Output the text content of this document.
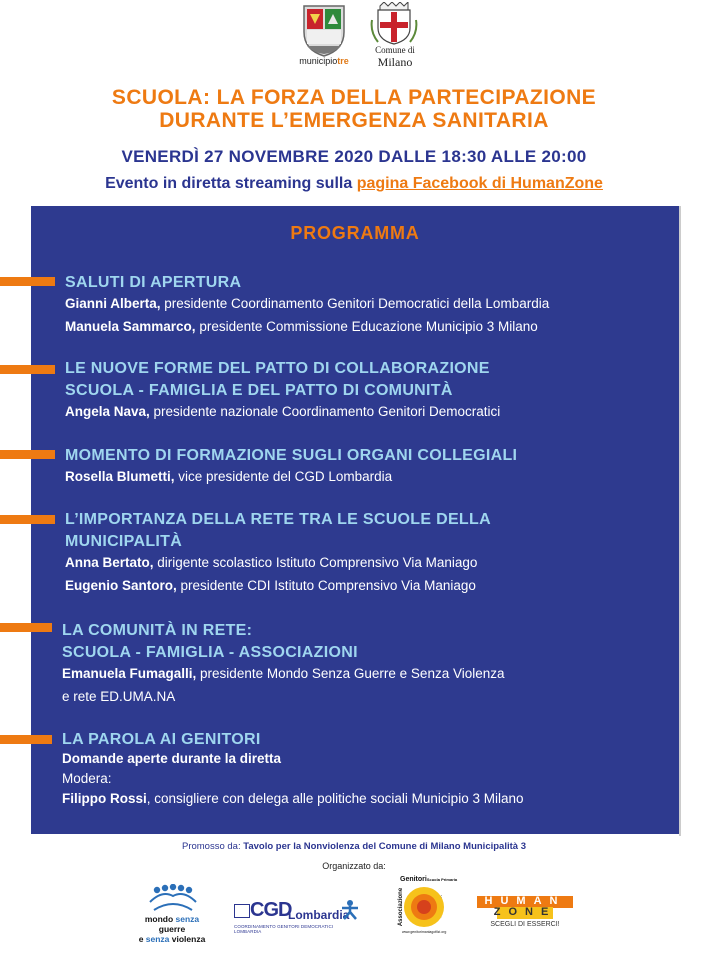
municipiotre
Comune di
Milano
SCUOLA: LA FORZA DELLA PARTECIPAZIONE
DURANTE L’EMERGENZA SANITARIA
VENERDÌ 27 NOVEMBRE 2020 DALLE 18:30 ALLE 20:00
Evento in diretta streaming sulla pagina Facebook di HumanZone
PROGRAMMA
SALUTI DI APERTURA
Gianni Alberta, presidente Coordinamento Genitori Democratici della Lombardia
Manuela Sammarco, presidente Commissione Educazione Municipio 3 Milano
LE NUOVE FORME DEL PATTO DI COLLABORAZIONE
SCUOLA - FAMIGLIA E DEL PATTO DI COMUNITÀ
Angela Nava, presidente nazionale Coordinamento Genitori Democratici
MOMENTO DI FORMAZIONE SUGLI ORGANI COLLEGIALI
Rosella Blumetti, vice presidente del CGD Lombardia
L’IMPORTANZA DELLA RETE TRA LE SCUOLE DELLA
MUNICIPALITÀ
Anna Bertato, dirigente scolastico Istituto Comprensivo Via Maniago
Eugenio Santoro, presidente CDI Istituto Comprensivo Via Maniago
LA COMUNITÀ IN RETE:
SCUOLA - FAMIGLIA - ASSOCIAZIONI
Emanuela Fumagalli, presidente Mondo Senza Guerre e Senza Violenza
e rete ED.UMA.NA
LA PAROLA AI GENITORI
Domande aperte durante la diretta
Modera:
Filippo Rossi, consigliere con delega alle politiche sociali Municipio 3 Milano
Promosso da: Tavolo per la Nonviolenza del Comune di Milano Municipalità 3
Organizzato da:
mondo senza guerre
e senza violenza
CGD
Lombardia
COORDINAMENTO GENITORI DEMOCRATICI LOMBARDIA
GenitoriScuola Primaria
Associazione
www.genitorimaniagofilzi.org
HUMAN
ZONE
SCEGLI DI ESSERCI!
